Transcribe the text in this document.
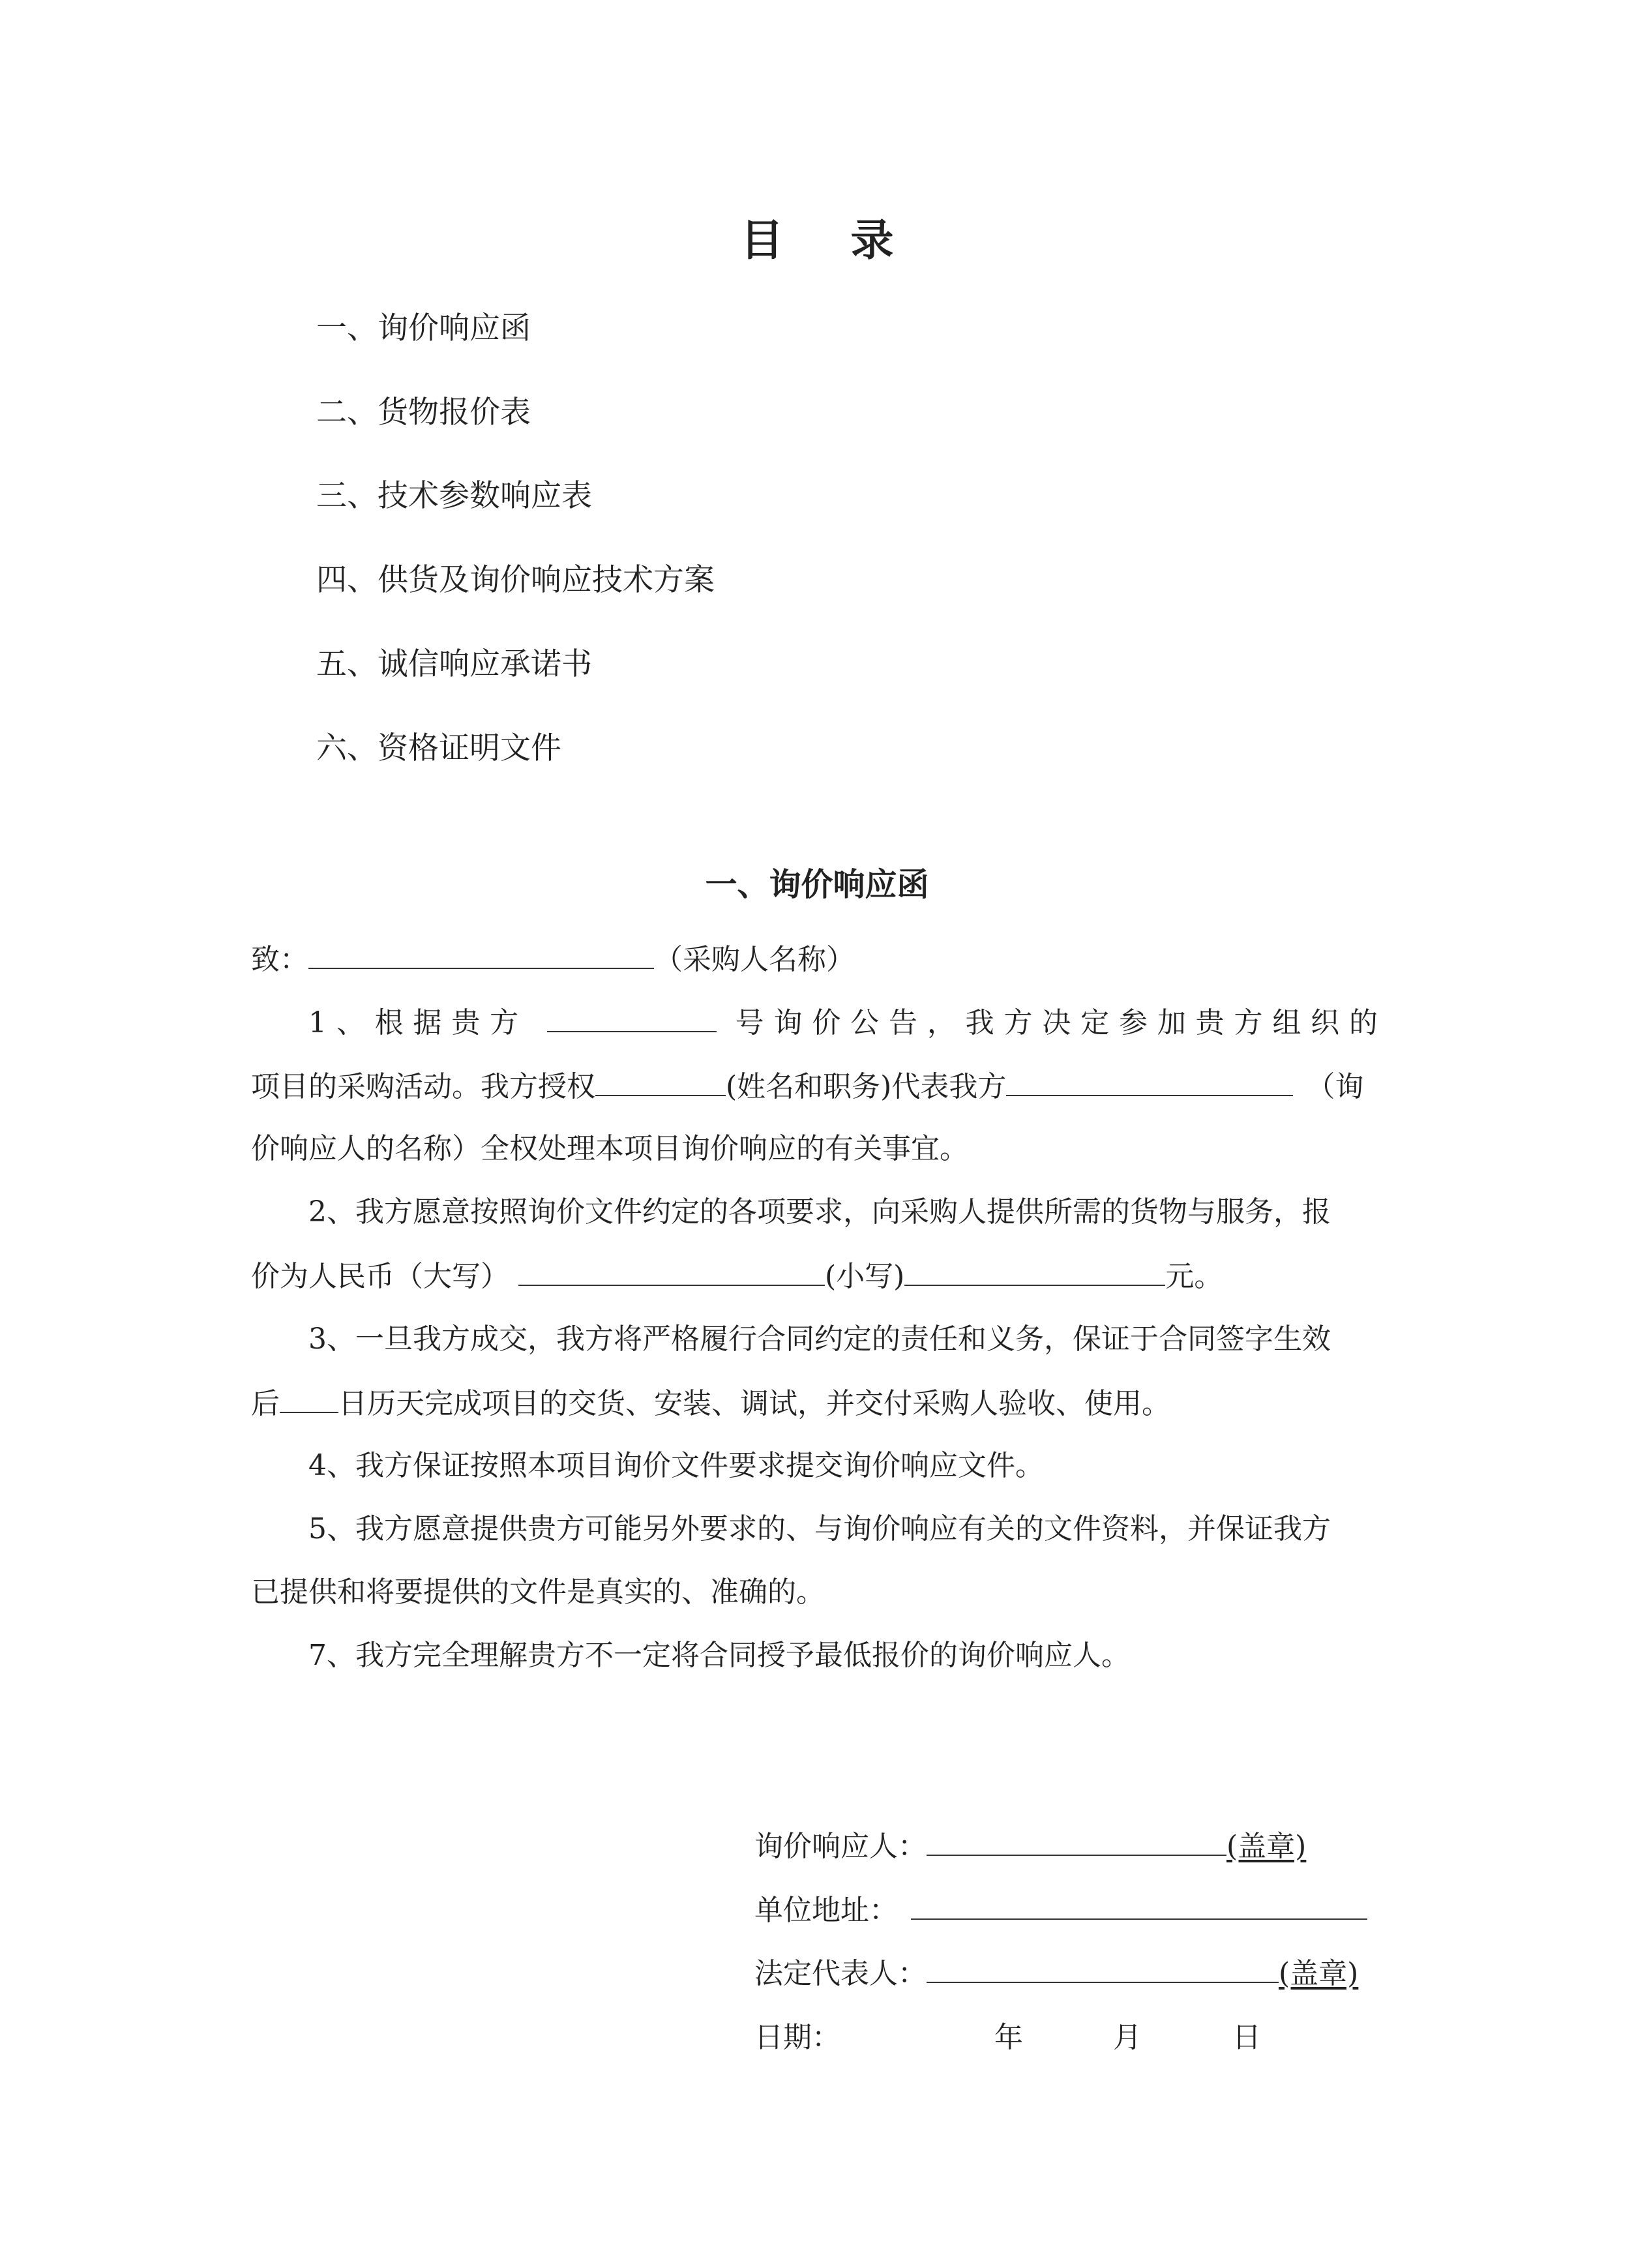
目 录
一、询价响应函
二、货物报价表
三、技术参数响应表
四、供货及询价响应技术方案
五、诚信响应承诺书
六、资格证明文件
一、询价响应函
致：	（采购人名称）
1、根据贵方	号询价公告，我方决定参加贵方组织的
项目的采购活动。我方授权	(姓名和职务)代表我方	（询
价响应人的名称）全权处理本项目询价响应的有关事宜。
2、我方愿意按照询价文件约定的各项要求，向采购人提供所需的货物与服务，报
价为人民币（大写）	(小写)	元。
3、一旦我方成交，我方将严格履行合同约定的责任和义务，保证于合同签字生效
后 日历天完成项目的交货、安装、调试，并交付采购人验收、使用。
4、我方保证按照本项目询价文件要求提交询价响应文件。
5、我方愿意提供贵方可能另外要求的、与询价响应有关的文件资料，并保证我方
已提供和将要提供的文件是真实的、准确的。
7、我方完全理解贵方不一定将合同授予最低报价的询价响应人。
询价响应人：	(盖章)
单位地址：
法定代表人：	(盖章)
日期：	年	月	日
